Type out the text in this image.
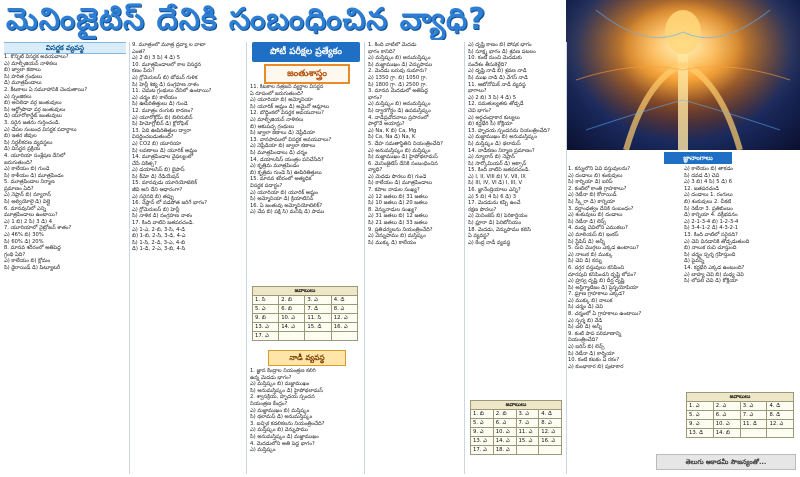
మెనింజైటిస్ దేనికి సంబంధించిన వ్యాధి?
విసర్జక వ్యవస్థ

1. కొన్నిటి విసర్జక అవయవాలు?

ఎ) మాల్ఫీజియన్ నాళికలు

బి) జ్వాలా కణాలు

సి) హరిత గ్రంథులు

డి) మూత్రపిండాలు

2. కీటకాలు ఏ సమూహానికి చెందుతాయి?

ఎ) స్పంజికలు

బి) అనిలిడా వర్గ జంతువులు

సి) ఆర్థ్రోపొడా వర్గ జంతువులు

డి) యూరోకార్డేట్ జంతువులు

3. సరైన జతను గుర్తించండి.

ఎ) చేపల సంబంధ విసర్జక పదార్థాలు

బి) ఇతర జీవుల

సి) నిర్జలీకరణ వ్యవస్థలు

డి) విసర్జన ప్రక్రియ

4. యూరియా సంశ్లేషణ దేనిలో

జరుగుతుంది?

ఎ) కాలేయం బి) గుండె

సి) కాళీయం డి) మూత్రపిండం

5. మూత్రపిండాల నిర్మాణ

ప్రమాణం ఏది?

ఎ) నెఫ్రాన్ బి) న్యూరాన్

సి) అల్వియోలై డి) విల్లై

6. మానవునిలో ఎన్ని

మూత్రపిండాలు ఉంటాయి?

ఎ) 1 బి) 2 సి) 3 డి) 4

7. యూరియాలో నైట్రోజన్ శాతం?

ఎ) 46% బి) 30%

సి) 60% డి) 20%

8. మానవ శరీరంలో అతిపెద్ద

గ్రంథి ఏది?

ఎ) కాలేయం బి) క్లోమం

సి) థైరాయిడ్ డి) పిట్యూటరీ

9. మూత్రంలో మూత్ర ద్రవ్యా ల వాటా

ఎంత?

ఎ) 2 బి) 3 సి) 4 డి) 5

10. మూత్రపిండాలలో కాల విసర్జన

కణం పేరు?

ఎ) గ్లోమెరులస్ బి) బోమన్ గుళిక

సి) హెన్లీ శిక్య డి) సంగ్రహణ నాళం

11. చెమట గ్రంథులు దేనిలో ఉంటాయి?

ఎ) చర్మం బి) కాలేయం

సి) ఊపిరితిత్తులు డి) గుండె

12. మూత్రం రంగుకు కారణం?

ఎ) యూరోక్రోమ్ బి) బిలిరుబిన్

సి) హిమోగ్లోబిన్ డి) క్లోరోఫిల్

13. ఏది ఊపిరితిత్తుల ద్వారా

విసర్జించబడుతుంది?

ఎ) CO2 బి) యూరియా

సి) లవణాలు డి) యూరిక్ ఆమ్లం

14. మూత్రపిండాల వైఫల్యంలో

చేసే చికిత్స?

ఎ) డయాలసిస్ బి) బైపాస్

సి) కీమో డి) రేడియేషన్

15. మానవుడు యూరియోటెలిక్

జీవి అని దేని ఆధారంగా?

ఎ) సరైనది బి) తప్పు

16. నెఫ్రాన్ లో వడపోత జరిగే భాగం?

ఎ) గ్లోమెరులస్ బి) హెన్లీ

సి) నాళిక డి) సంగ్రహణ నాళం

17. కింది వాటిని జతపరచండి.

ఎ) 1-ఎ, 2-బి, 3-సి, 4-డి

బి) 1-బి, 2-సి, 3-డి, 4-ఎ

సి) 1-సి, 2-డి, 3-ఎ, 4-బి

డి) 1-డి, 2-ఎ, 3-బి, 4-సి

పోటీ పరీక్షల ప్రత్యేకం
జంతుశాస్త్రం

11. కీటకాల నత్రజని వ్యర్థాల విసర్జన

ఏ రూపంలో జరుగుతుంది?

ఎ) యూరియా బి) అమ్మోనియా

సి) యూరిక్ ఆమ్లం డి) అమైనో ఆమ్లాలు

12. బొద్దింకలో విసర్జక అవయవాలు?

ఎ) మాల్ఫీజియన్ నాళికలు

బి) ఆకుపచ్చ గ్రంథులు

సి) జ్వాలా కణాలు డి) నెఫ్రీడియా

13. వానపాములో విసర్జక అవయవాలు?

ఎ) నెఫ్రీడియా బి) జ్వాలా కణాలు

సి) మూత్రపిండాలు డి) చర్మం

14. డయాలసిస్ యంత్రం పనిచేసేది?

ఎ) కృత్రిమ మూత్రపిండం

బి) కృత్రిమ గుండె సి) ఊపిరితిత్తులు

15. మానవ శరీరంలో అత్యధిక

విసర్జక పదార్థం?

ఎ) యూరియా బి) యూరిక్ ఆమ్లం

సి) అమ్మోనియా డి) క్రియాటినిన్

16. ఏ జంతువు అమ్మోనియోటెలిక్?

ఎ) చేప బి) పక్షి సి) మనిషి డి) పాము

జవాబులు			
1. సి	2. బి	3. ఎ	4. డి
5. ఎ	6. బి	7. డి	8. ఎ
9. బి	10. ఎ	11. సి	12. ఎ
13. ఎ	14. ఎ	15. డి	16. ఎ
17. ఎ			
నాడీ వ్యవస్థ

1. జ్ఞాన కేంద్రాల నియంత్రణ కలిగి

ఉన్న మెదడు భాగం?

ఎ) మస్తిష్కం బి) మజ్జాముఖం

సి) అనుమస్తిష్కం డి) హైపోథలామస్

2. శ్వాసక్రియ, హృదయ స్పందన

నియంత్రణ కేంద్రం?

ఎ) మజ్జాముఖం బి) మస్తిష్కం

సి) థలామస్ డి) అనుమస్తిష్కం

3. ఐచ్ఛిక కదలికలను నియంత్రించేది?

ఎ) మస్తిష్కం బి) వెన్నుపాము

సి) అనుమస్తిష్కం డి) మజ్జాముఖం

4. మెదడులోని అతి పెద్ద భాగం?

ఎ) మస్తిష్కం

1. కింది వాటిలో మెదడు

భాగం కానిది?

ఎ) మస్తిష్కం బి) అనుమస్తిష్కం

సి) మజ్జాముఖం డి) వెన్నుపాము

2. మెదడు బరువు సుమారు?

ఎ) 1350 గ్రా. బి) 1050 గ్రా.

సి) 1800 గ్రా. డి) 2500 గ్రా.

3. మానవ మెదడులో అతిపెద్ద

భాగం?

ఎ) మస్తిష్కం బి) అనుమస్తిష్కం

సి) ద్వారగోర్డం డి) ఉపమస్తిష్కం

4. నాడీప్రచోదనాలు ప్రసారంలో

పాల్గొనే అయాన్లు?

ఎ) Na, K బి) Ca, Mg

సి) Ca, Na డి) Na, K

5. దేహ సమతాస్థితిని నియంత్రించేది?

ఎ) అనుమస్తిష్కం బి) మస్తిష్కం

సి) మజ్జాముఖం డి) హైపోథలామస్

6. మెనింజైటిస్ దేనికి సంబంధించిన

వ్యాధి?

ఎ) మెదడు పొరలు బి) గుండె

సి) కాలేయం డి) మూత్రపిండాలు

7. కపాల నాడుల సంఖ్య?

ఎ) 12 జతలు బి) 31 జతలు

సి) 10 జతలు డి) 20 జతలు

8. వెన్నునాడుల సంఖ్య?

ఎ) 31 జతలు బి) 12 జతలు

సి) 21 జతలు డి) 33 జతలు

9. ప్రతిచర్యలను నియంత్రించేది?

ఎ) వెన్నుపాము బి) మస్తిష్కం

సి) ముక్కు డి) కాలేయం

ఎ) దృష్టి కాణం బి) పోషక భాగం

సి) సూక్ష్మ భాగం డి) శ్రవణ పటలం

10. కంటి నుంచి మెదడుకు

సందేశం తీసుకెళ్లేది?

ఎ) దృష్టి నాడి బి) శ్రవణ నాడి

సి) ముఖ నాడి డి) వేగస్ నాడి

11. ఆటోనోమిక్ నాడీ వ్యవస్థ

భాగాలు?

ఎ) 2 బి) 3 సి) 4 డి) 5

12. సమతుల్యతకు తోడ్పడే

చెవి భాగం?

ఎ) అర్ధచంద్రాకార కుల్యలు

బి) కర్ణభేరి సి) కోక్లియా

13. హృదయ స్పందనను నియంత్రించేది?

ఎ) మజ్జాముఖం బి) అనుమస్తిష్కం

సి) మస్తిష్కం డి) థలామస్

14. నాడీకణం నిర్మాణ ప్రమాణం?

ఎ) న్యూరాన్ బి) నెఫ్రాన్

సి) సార్కోమియర్ డి) ఆక్సాన్

15. కింది వాటిని జతపరచండి.

ఎ) I, II, VIII బి) V, VII, IX

సి) III, IV, VI డి) I, III, V

16. జ్ఞానేంద్రియాలు ఎన్ని?

ఎ) 5 బి) 4 సి) 6 డి) 3

17. మెదడును కప్పి ఉంచే

రక్షణ పొరలు?

ఎ) మెనింజెస్ బి) పెరికార్డియం

సి) ప్లూరా డి) పెరిటోనియం

18. మెదడు, వెన్నుపాము కలిసి

ఏ వ్యవస్థ?

ఎ) కేంద్ర నాడీ వ్యవస్థ

జవాబులు			
1. బి	2. బి	3. ఎ	4. డి
5. ఎ	6. ఎ	7. ఎ	8. ఎ
9. ఎ	10. ఎ	11. ఎ	12. ఎ
13. ఎ	14. ఎ	15. ఎ	16. ఎ
17. ఎ	18. ఎ		
జ్ఞానాంగాలు

1. కన్నులోని ఏవి వస్తువులను?

ఎ) దండాలు బి) శంకువులు

సి) కార్నియా డి) ఐరిస్

2. కంటిలో కాంతి గ్రాహకాలు?

ఎ) రెటీనా బి) కోరాయిడ్

సి) స్క్లీరా డి) కార్నియా

3. వర్ణాంధత్వం దేనికి సంబంధం?

ఎ) శంకువులు బి) దండాలు

సి) రెటీనా డి) లెన్స్

4. మధ్య చెవిలోని ఎముకలు?

ఎ) మాలియస్ బి) ఇంకస్

సి) స్టేపిస్ డి) అన్నీ

5. రుచి మొగ్గలు ఎక్కడ ఉంటాయి?

ఎ) నాలుక బి) ముక్కు

సి) చెవి డి) కన్ను

6. దగ్గర వస్తువులు కనిపించి

దూరపువి కనిపించని దృష్టి లోపం?

ఎ) హ్రస్వ దృష్టి బి) దీర్ఘ దృష్టి

సి) అస్టిగ్మాటిజం డి) ప్రెస్బయోపియా

7. ఘ్రాణ గ్రాహకాలు ఎక్కడ?

ఎ) ముక్కు బి) నాలుక

సి) చర్మం డి) చెవి

8. చర్మంలో ఏ గ్రాహకాలు ఉంటాయి?

ఎ) స్పర్శ బి) వేడి

సి) చలి డి) అన్నీ

9. కంటి పాప పరిమాణాన్ని

నియంత్రించేది?

ఎ) ఐరిస్ బి) లెన్స్

సి) రెటీనా డి) కార్నియా

10. కంటి కటకం ఏ రకం?

ఎ) కుంభాకార బి) పుటాకార

ఎ) కాలేయం బి) తాకడం

సి) దవడ డి) చెవి

ఎ) 3 బి) 4 సి) 5 డి) 6

12. జతపరచండి

ఎ) దండాలు 1. రంగులు

బి) శంకువులు 2. చీకటి

సి) రెటీనా 3. ప్రతిబింబం

డి) కార్నియా 4. వక్రీభవనం

ఎ) 2-1-3-4 బి) 1-2-3-4

సి) 3-4-1-2 డి) 4-3-2-1

13. కింది వాటిలో సరైనది?

ఎ) చెవి వినడానికి తోడ్పడుతుంది

బి) నాలుక రుచి చూస్తుంది

సి) చర్మం స్పర్శ గ్రహిస్తుంది

డి) పైవన్నీ

14. కర్ణభేరి ఎక్కడ ఉంటుంది?

ఎ) బాహ్య చెవి బి) మధ్య చెవి

సి) లోపలి చెవి డి) కోక్లియా

జవాబులు			
1. ఎ	2. ఎ	3. ఎ	4. డి
5. ఎ	6. ఎ	7. ఎ	8. డి
9. ఎ	10. ఎ	11. డి	12. ఎ
13. డి	14. బి		
తెలుగు అకాడమీ సౌజన్యంతో...
